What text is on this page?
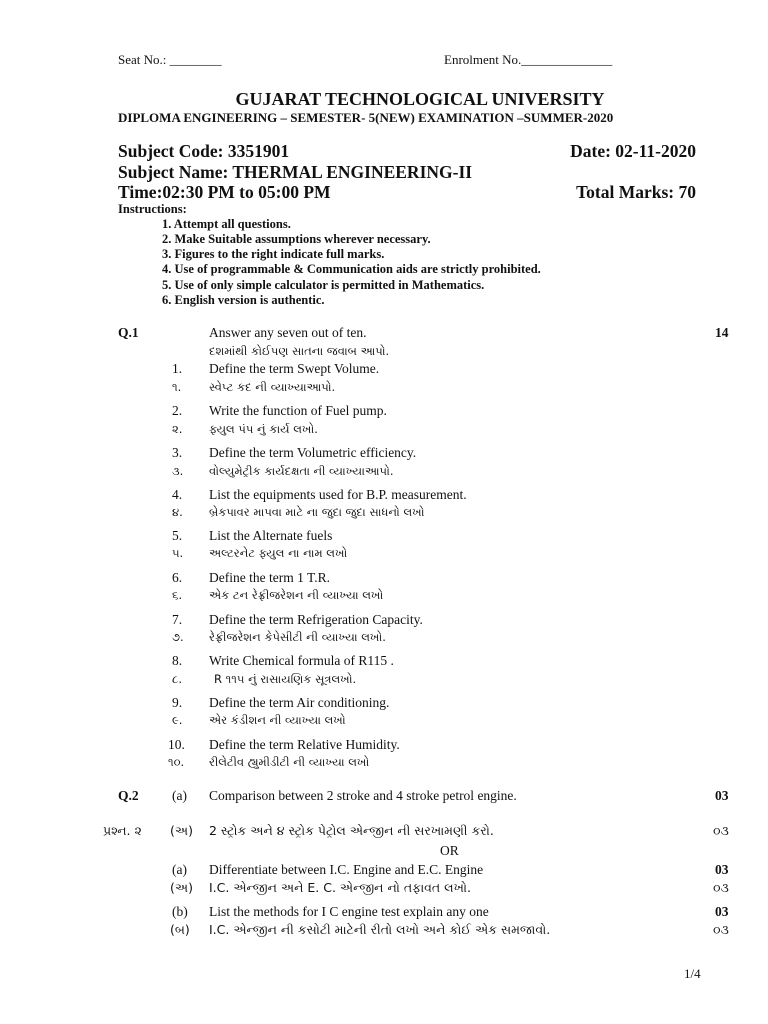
Seat No.: ________	Enrolment No.______________
GUJARAT TECHNOLOGICAL UNIVERSITY
DIPLOMA ENGINEERING – SEMESTER- 5(NEW) EXAMINATION –SUMMER-2020
Subject Code: 3351901	Date: 02-11-2020
Subject Name: THERMAL ENGINEERING-II
Time:02:30 PM to 05:00 PM	Total Marks: 70
Instructions:
1. Attempt all questions.
2. Make Suitable assumptions wherever necessary.
3. Figures to the right indicate full marks.
4. Use of programmable & Communication aids are strictly prohibited.
5. Use of only simple calculator is permitted in Mathematics.
6. English version is authentic.
Q.1	Answer any seven out of ten.	14
દશમાંથી કોઈપણ સાતના જવાબ આપો.
1. Define the term Swept Volume.
૧. સ્વેપ્ટ કદ ની વ્યાખ્યાઆપો.
2. Write the function of Fuel pump.
૨. ફ્યુલ પંપ નું કાર્ય લખો.
3. Define the term Volumetric efficiency.
૩. વોલ્યુમેટ્રીક કાર્યદક્ષતા ની વ્યાખ્યાઆપો.
4. List the equipments used for B.P. measurement.
૪. બ્રેકપાવર માપવા માટે ના જુદા જુદા સાધનો લખો
5. List the Alternate fuels
૫. અલ્ટરનેટ ફ્યુલ ના નામ લખો
6. Define the term 1 T.R.
૬. એક ટન રેફ્રીજરેશન ની વ્યાખ્યા લખો
7. Define the term Refrigeration Capacity.
૭. રેફ્રીજરેશન કેપેસીટી ની વ્યાખ્યા લખો.
8. Write Chemical formula of R115 .
૮.	R ૧૧૫ નું રાસાયણિક સૂત્રલખો.
9. Define the term Air conditioning.
૯. એર કંડીશન ની વ્યાખ્યા લખો
10. Define the term Relative Humidity.
૧૦. રીલેટીવ હ્યુમીડીટી ની વ્યાખ્યા લખો
Q.2 (a) Comparison between 2 stroke and 4 stroke petrol engine.	03
પ્રશ્ન. ૨ (અ) 2 સ્ટ્રોક અને ૪ સ્ટ્રોક પેટ્રોલ એન્જીન ની સરખામણી કરો.	૦૩
OR
(a) Differentiate between I.C. Engine and E.C. Engine	03
(અ) I.C. એન્જીન અને E. C. એન્જીન નો તફાવત લખો.	૦૩
(b) List the methods for I C engine test explain any one	03
(બ) I.C. એન્જીન ની કસોટી માટેની રીતો લખો અને કોઈ એક સમજાવો.	૦૩
1/4
